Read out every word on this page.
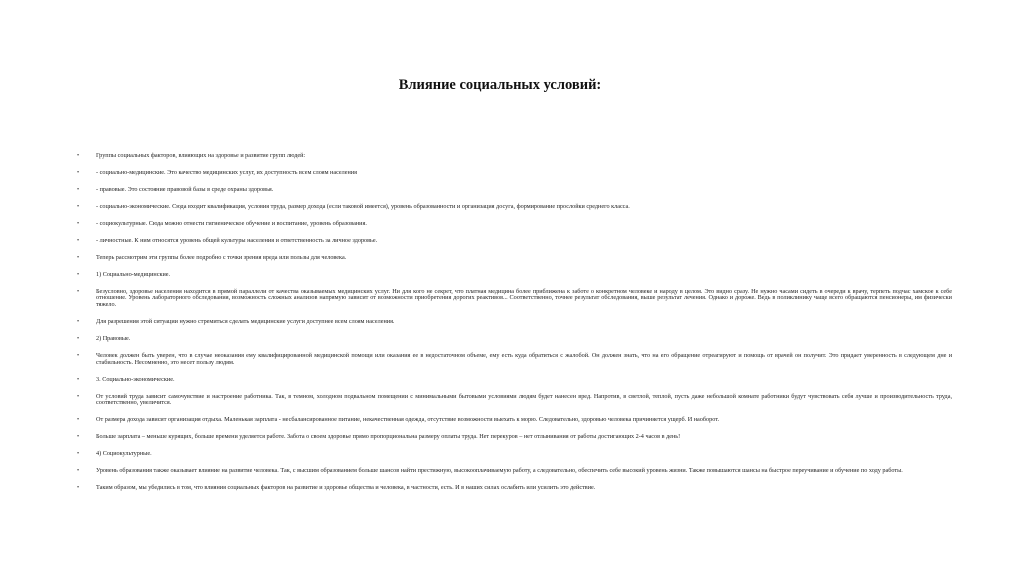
Влияние социальных условий:
•	Группы социальных факторов, влияющих на здоровье и развитие групп людей:
•	- социально-медицинские. Это качество медицинских услуг, их доступность всем слоям населения
•	- правовые. Это состояние правовой базы в среде охраны здоровья.
•	- социально-экономические. Сюда входит квалификация, условия труда, размер дохода (если таковой имеется), уровень образованности и организация досуга, формирование прослойки среднего класса.
•	- социокультурные. Сюда можно отнести гигиеническое обучение и воспитание, уровень образования.
•	- личностные. К ним относятся уровень общей культуры населения и ответственность за личное здоровье.
•	Теперь рассмотрим эти группы более подробно с точки зрения вреда или пользы для человека.
•	1) Социально-медицинские.
•	Безусловно, здоровье населения находится в прямой параллели от качества оказываемых медицинских услуг. Ни для кого не секрет, что платная медицина более приближена к заботе о конкретном человеке и народу в целом. Это видно сразу. Не нужно часами сидеть в очереди к врачу, терпеть подчас хамское к себе отношение. Уровень лабораторного обследования, возможность сложных анализов напрямую зависит от возможности приобретения дорогих реактивов... Соответственно, точнее результат обследования, выше результат лечения. Однако и дороже. Ведь в поликлинику чаще всего обращаются пенсионеры, им физически тяжело.
•	Для разрешения этой ситуации нужно стремиться сделать медицинские услуги доступнее всем слоям населения.
•	2) Правовые.
•	Человек должен быть уверен, что в случае неоказания ему квалифицированной медицинской помощи или оказания ее в недостаточном объеме, ему есть куда обратиться с жалобой. Он должен знать, что на его обращение отреагируют и помощь от врачей он получит. Это придает уверенность в следующем дне и стабильность. Несомненно, это несет пользу людям.
•	3. Социально-экономические.
•	От условий труда зависит самочувствие и настроение работника. Так, в темном, холодном подвальном помещении с минимальными бытовыми условиями людям будет нанесен вред. Напротив, в светлой, теплой, пусть даже небольшой комнате работники будут чувствовать себя лучше и производительность труда, соответственно, увеличится.
•	От размера дохода зависит организация отдыха. Маленькая зарплата - несбалансированное питание, некачественная одежда, отсутствие возможности выехать к морю. Следовательно, здоровью человека причиняется ущерб. И наоборот.
•	Больше зарплата – меньше курящих, больше времени уделяется работе. Забота о своем здоровье прямо пропорциональна размеру оплаты труда. Нет перекуров – нет отлынивания от работы достигающих 2-4 часов в день!
•	4) Социокультурные.
•	Уровень образования также оказывает влияние на развитие человека. Так, с высшим образованием больше шансов найти престижную, высокооплачиваемую работу, а следовательно, обеспечить себе высокий уровень жизни. Также повышаются шансы на быстрое переучивание и обучение по ходу работы.
•	Таким образом, мы убедились в том, что влияния социальных факторов на развитие и здоровье общества и человека, в частности, есть. И в наших силах ослабить или усилить это действие.
